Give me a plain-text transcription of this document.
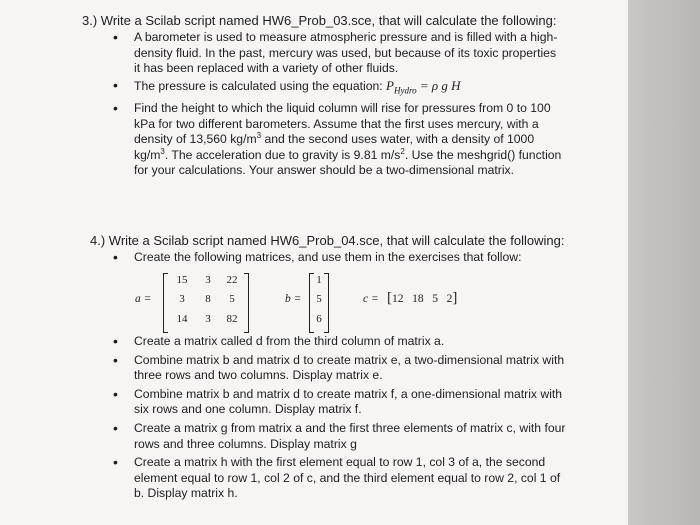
3.) Write a Scilab script named HW6_Prob_03.sce, that will calculate the following:
• A barometer is used to measure atmospheric pressure and is filled with a high-density fluid. In the past, mercury was used, but because of its toxic properties it has been replaced with a variety of other fluids.
• The pressure is calculated using the equation: $P_{Hydro} = \rho$ g H
• Find the height to which the liquid column will rise for pressures from 0 to 100 kPa for two different barometers. Assume that the first uses mercury, with a density of 13,560 $kg/m^3$ and the second uses water, with a density of 1000 $kg/m^3$. The acceleration due to gravity is 9.81 $m/s^2$. Use the meshgrid() function for your calculations. Your answer should be a two-dimensional matrix.
4.) Write a Scilab script named HW6_Prob_04.sce, that will calculate the following:
• Create the following matrices, and use them in the exercises that follow:
a =
15	3	22
3	8	5
14	3	82
b =
1
5
6
c = [12   18   5   2]
• Create a matrix called d from the third column of matrix a.
• Combine matrix b and matrix d to create matrix e, a two-dimensional matrix with three rows and two columns. Display matrix e.
• Combine matrix b and matrix d to create matrix f, a one-dimensional matrix with six rows and one column. Display matrix f.
• Create a matrix g from matrix a and the first three elements of matrix c, with four rows and three columns. Display matrix g
• Create a matrix h with the first element equal to row 1, col 3 of a, the second element equal to row 1, col 2 of c, and the third element equal to row 2, col 1 of b. Display matrix h.
